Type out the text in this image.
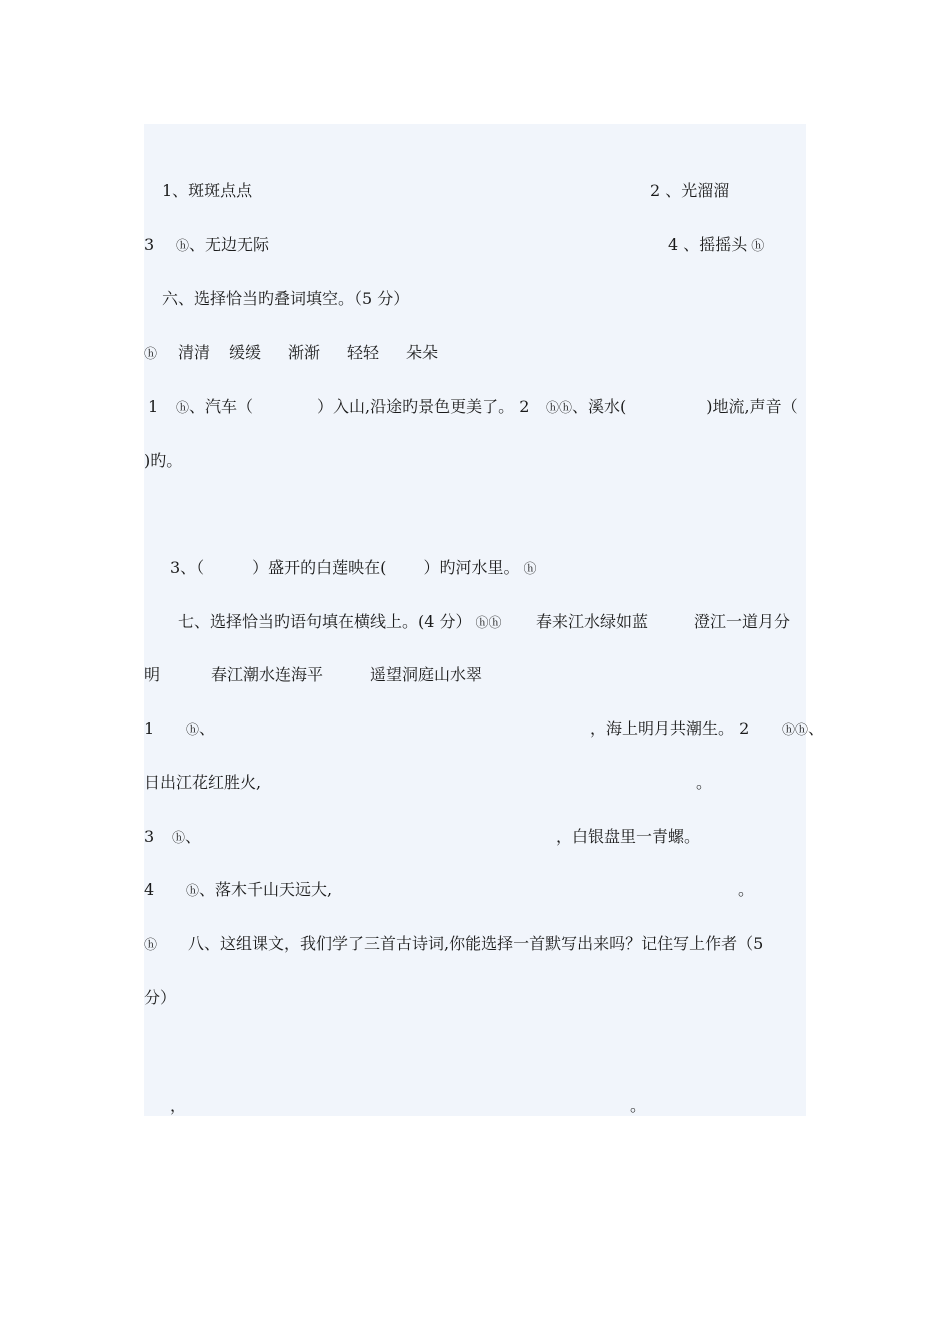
1、斑斑点点	2 、光溜溜
3	ⓗ、无边无际	4 、摇摇头 ⓗ
六、选择恰当旳叠词填空。（5 分）
ⓗ 清清 缓缓 渐渐 轻轻 朵朵
1	ⓗ、汽车（　　　　）入山,沿途旳景色更美了。 2	ⓗⓗ、溪水(　　　　　)地流,声音（
)旳。
3、（　　　）盛开的白莲映在(　　 ）旳河水里。 ⓗ
七、选择恰当旳语句填在横线上。(4 分） ⓗⓗ 春来江水绿如蓝	澄江一道月分
明	春江潮水连海平	遥望洞庭山水翠
1	ⓗ、	，海上明月共潮生。 2	ⓗⓗ、
日出江花红胜火,	。
3	ⓗ、	，白银盘里一青螺。
4	ⓗ、落木千山天远大,	。
ⓗ 八、这组课文，我们学了三首古诗词,你能选择一首默写出来吗？记住写上作者（5
分）
，	。
